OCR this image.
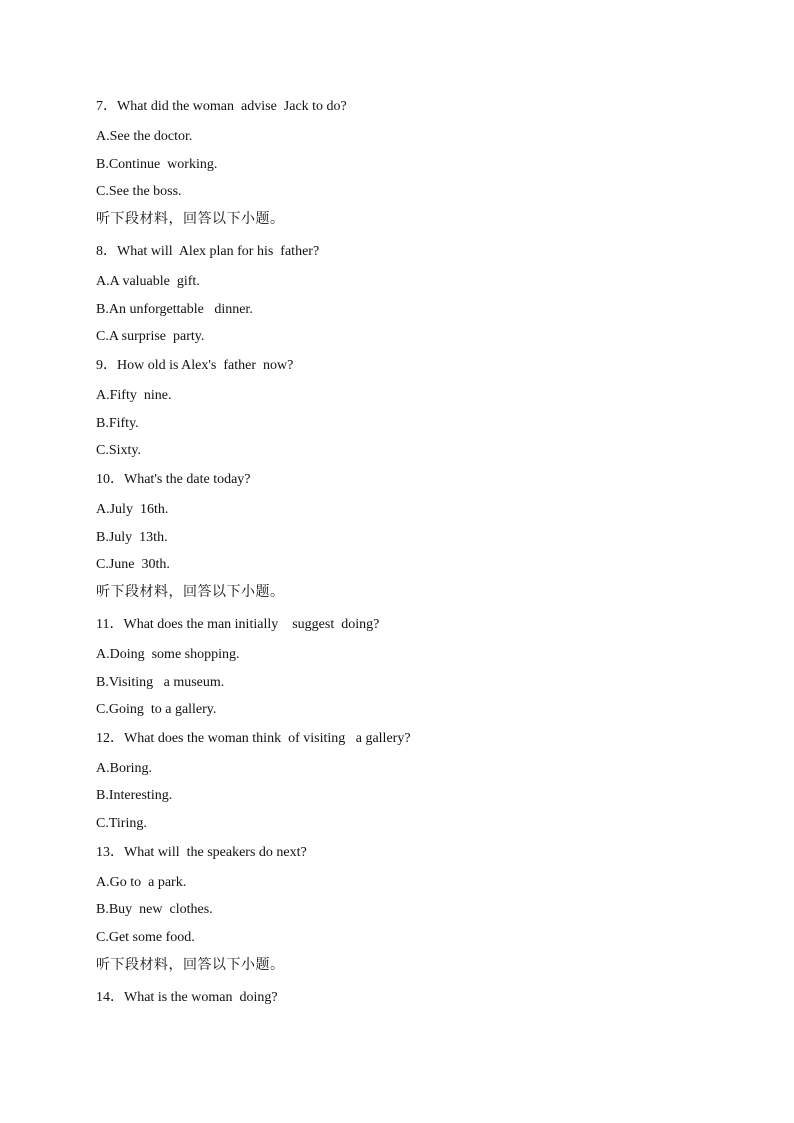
7．What did the woman  advise  Jack to do?
A.See the doctor.
B.Continue  working.
C.See the boss.
听下段材料，回答以下小题。
8．What will  Alex plan for his  father?
A.A valuable  gift.
B.An unforgettable   dinner.
C.A surprise  party.
9．How old is Alex's  father  now?
A.Fifty  nine.
B.Fifty.
C.Sixty.
10．What's the date today?
A.July  16th.
B.July  13th.
C.June  30th.
听下段材料，回答以下小题。
11．What does the man initially    suggest  doing?
A.Doing  some shopping.
B.Visiting   a museum.
C.Going  to a gallery.
12．What does the woman think  of visiting   a gallery?
A.Boring.
B.Interesting.
C.Tiring.
13．What will  the speakers do next?
A.Go to  a park.
B.Buy  new  clothes.
C.Get some food.
听下段材料，回答以下小题。
14．What is the woman  doing?
